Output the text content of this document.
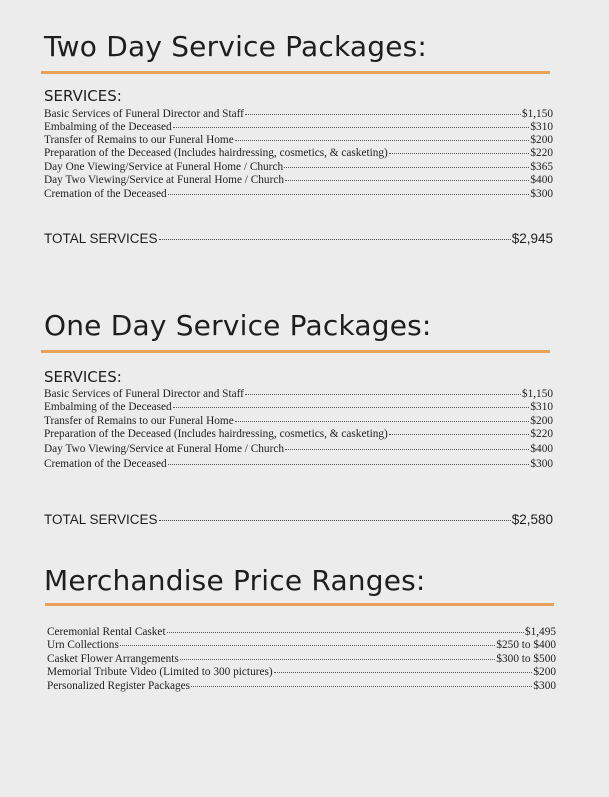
Two Day Service Packages:
SERVICES:
Basic Services of Funeral Director and Staff	$1,150
Embalming of the Deceased	$310
Transfer of Remains to our Funeral Home	$200
Preparation of the Deceased (Includes hairdressing, cosmetics, & casketing)	$220
Day One Viewing/Service at Funeral Home / Church	$365
Day Two Viewing/Service at Funeral Home / Church	$400
Cremation of the Deceased	$300
TOTAL SERVICES	$2,945
One Day Service Packages:
SERVICES:
Basic Services of Funeral Director and Staff	$1,150
Embalming of the Deceased	$310
Transfer of Remains to our Funeral Home	$200
Preparation of the Deceased (Includes hairdressing, cosmetics, & casketing)	$220
Day Two Viewing/Service at Funeral Home / Church	$400
Cremation of the Deceased	$300
TOTAL SERVICES	$2,580
Merchandise Price Ranges:
Ceremonial Rental Casket	$1,495
Urn Collections	$250 to $400
Casket Flower Arrangements	$300 to $500
Memorial Tribute Video (Limited to 300 pictures)	$200
Personalized Register Packages	$300
